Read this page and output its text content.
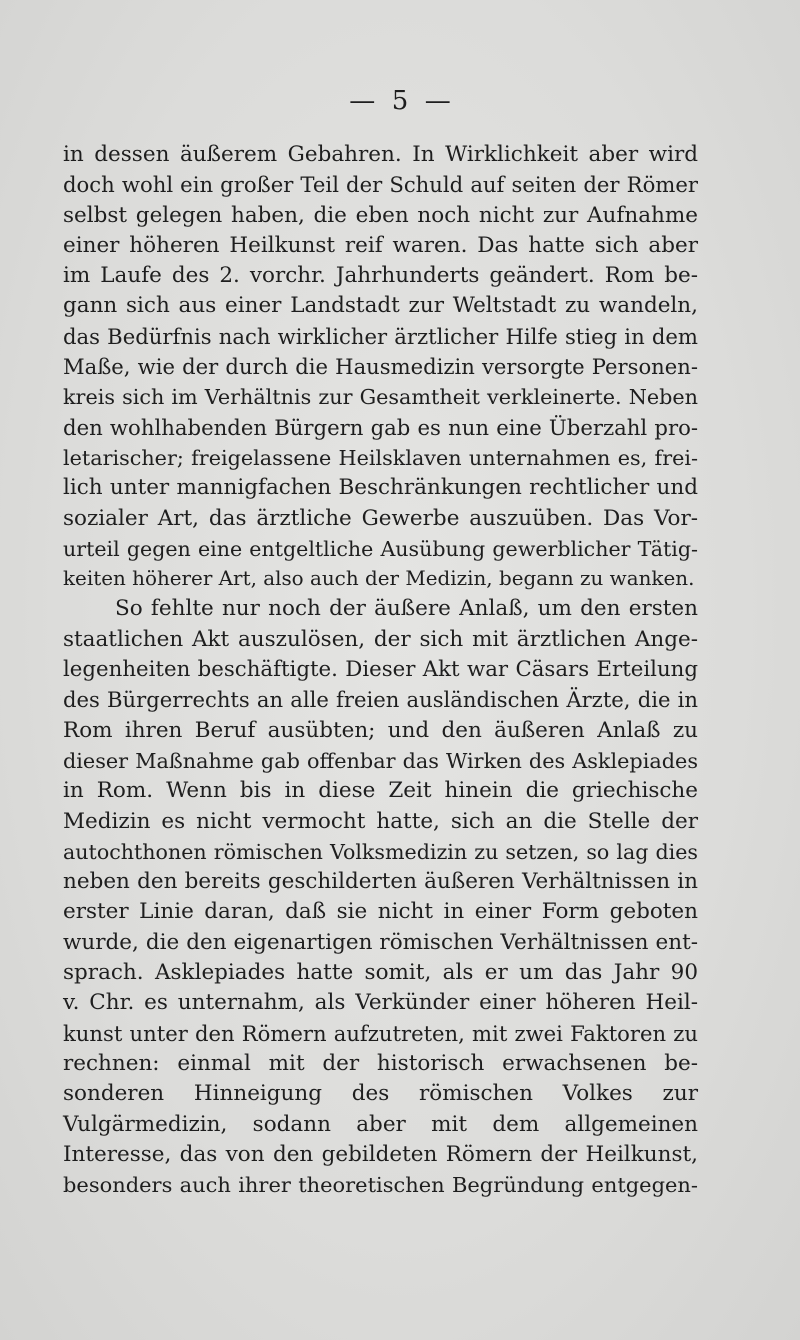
—  5  —
in dessen äußerem Gebahren. In Wirklichkeit aber wird
doch wohl ein großer Teil der Schuld auf seiten der Römer
selbst gelegen haben, die eben noch nicht zur Aufnahme
einer höheren Heilkunst reif waren. Das hatte sich aber
im Laufe des 2. vorchr. Jahrhunderts geändert. Rom be-
gann sich aus einer Landstadt zur Weltstadt zu wandeln,
das Bedürfnis nach wirklicher ärztlicher Hilfe stieg in dem
Maße, wie der durch die Hausmedizin versorgte Personen-
kreis sich im Verhältnis zur Gesamtheit verkleinerte. Neben
den wohlhabenden Bürgern gab es nun eine Überzahl pro-
letarischer; freigelassene Heilsklaven unternahmen es, frei-
lich unter mannigfachen Beschränkungen rechtlicher und
sozialer Art, das ärztliche Gewerbe auszuüben. Das Vor-
urteil gegen eine entgeltliche Ausübung gewerblicher Tätig-
keiten höherer Art, also auch der Medizin, begann zu wanken.
So fehlte nur noch der äußere Anlaß, um den ersten
staatlichen Akt auszulösen, der sich mit ärztlichen Ange-
legenheiten beschäftigte. Dieser Akt war Cäsars Erteilung
des Bürgerrechts an alle freien ausländischen Ärzte, die in
Rom ihren Beruf ausübten; und den äußeren Anlaß zu
dieser Maßnahme gab offenbar das Wirken des Asklepiades
in Rom. Wenn bis in diese Zeit hinein die griechische
Medizin es nicht vermocht hatte, sich an die Stelle der
autochthonen römischen Volksmedizin zu setzen, so lag dies
neben den bereits geschilderten äußeren Verhältnissen in
erster Linie daran, daß sie nicht in einer Form geboten
wurde, die den eigenartigen römischen Verhältnissen ent-
sprach. Asklepiades hatte somit, als er um das Jahr 90
v. Chr. es unternahm, als Verkünder einer höheren Heil-
kunst unter den Römern aufzutreten, mit zwei Faktoren zu
rechnen: einmal mit der historisch erwachsenen be-
sonderen Hinneigung des römischen Volkes zur
Vulgärmedizin, sodann aber mit dem allgemeinen
Interesse, das von den gebildeten Römern der Heilkunst,
besonders auch ihrer theoretischen Begründung entgegen-
